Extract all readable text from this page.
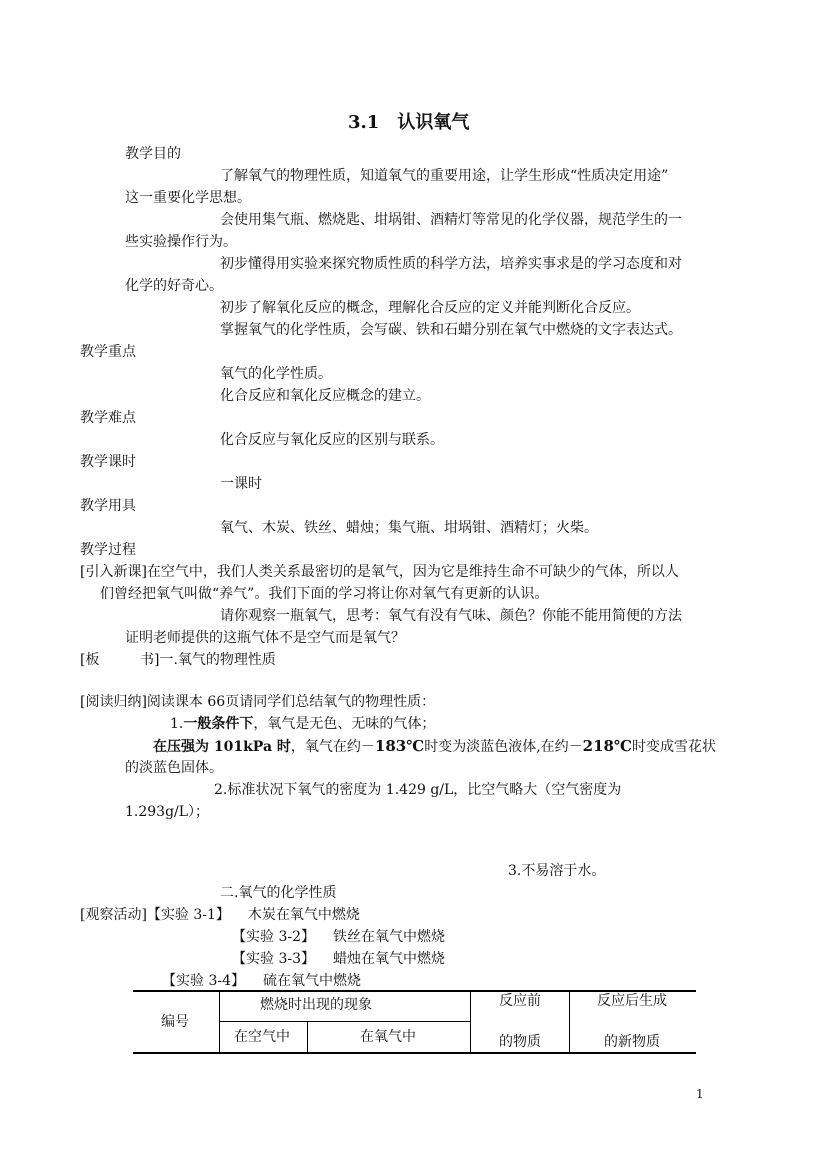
3.1　认识氧气
教学目的
了解氧气的物理性质，知道氧气的重要用途，让学生形成“性质决定用途”
这一重要化学思想。
会使用集气瓶、燃烧匙、坩埚钳、酒精灯等常见的化学仪器，规范学生的一
些实验操作行为。
初步懂得用实验来探究物质性质的科学方法，培养实事求是的学习态度和对
化学的好奇心。
初步了解氧化反应的概念，理解化合反应的定义并能判断化合反应。
掌握氧气的化学性质，会写碳、铁和石蜡分别在氧气中燃烧的文字表达式。
教学重点
氧气的化学性质。
化合反应和氧化反应概念的建立。
教学难点
化合反应与氧化反应的区别与联系。
教学课时
一课时
教学用具
氧气、木炭、铁丝、蜡烛；集气瓶、坩埚钳、酒精灯；火柴。
教学过程
[引入新课]在空气中，我们人类关系最密切的是氧气，因为它是维持生命不可缺少的气体，所以人
们曾经把氧气叫做“养气”。我们下面的学习将让你对氧气有更新的认识。
请你观察一瓶氧气，思考：氧气有没有气味、颜色？你能不能用简便的方法
证明老师提供的这瓶气体不是空气而是氧气？
[板	书]一.氧气的物理性质
[阅读归纳]阅读课本 66页请同学们总结氧气的物理性质：
1.一般条件下，氧气是无色、无味的气体；
在压强为 101kPa 时，氧气在约－183℃时变为淡蓝色液体,在约－218℃时变成雪花状
的淡蓝色固体。
2.标准状况下氧气的密度为 1.429 g/L，比空气略大（空气密度为
1.293g/L）；
3.不易溶于水。
二.氧气的化学性质
[观察活动]【实验 3-1】 木炭在氧气中燃烧
【实验 3-2】 铁丝在氧气中燃烧
【实验 3-3】 蜡烛在氧气中燃烧
【实验 3-4】 硫在氧气中燃烧
编号
燃烧时出现的现象
在空气中	在氧气中
反应前
的物质
反应后生成
的新物质
1
